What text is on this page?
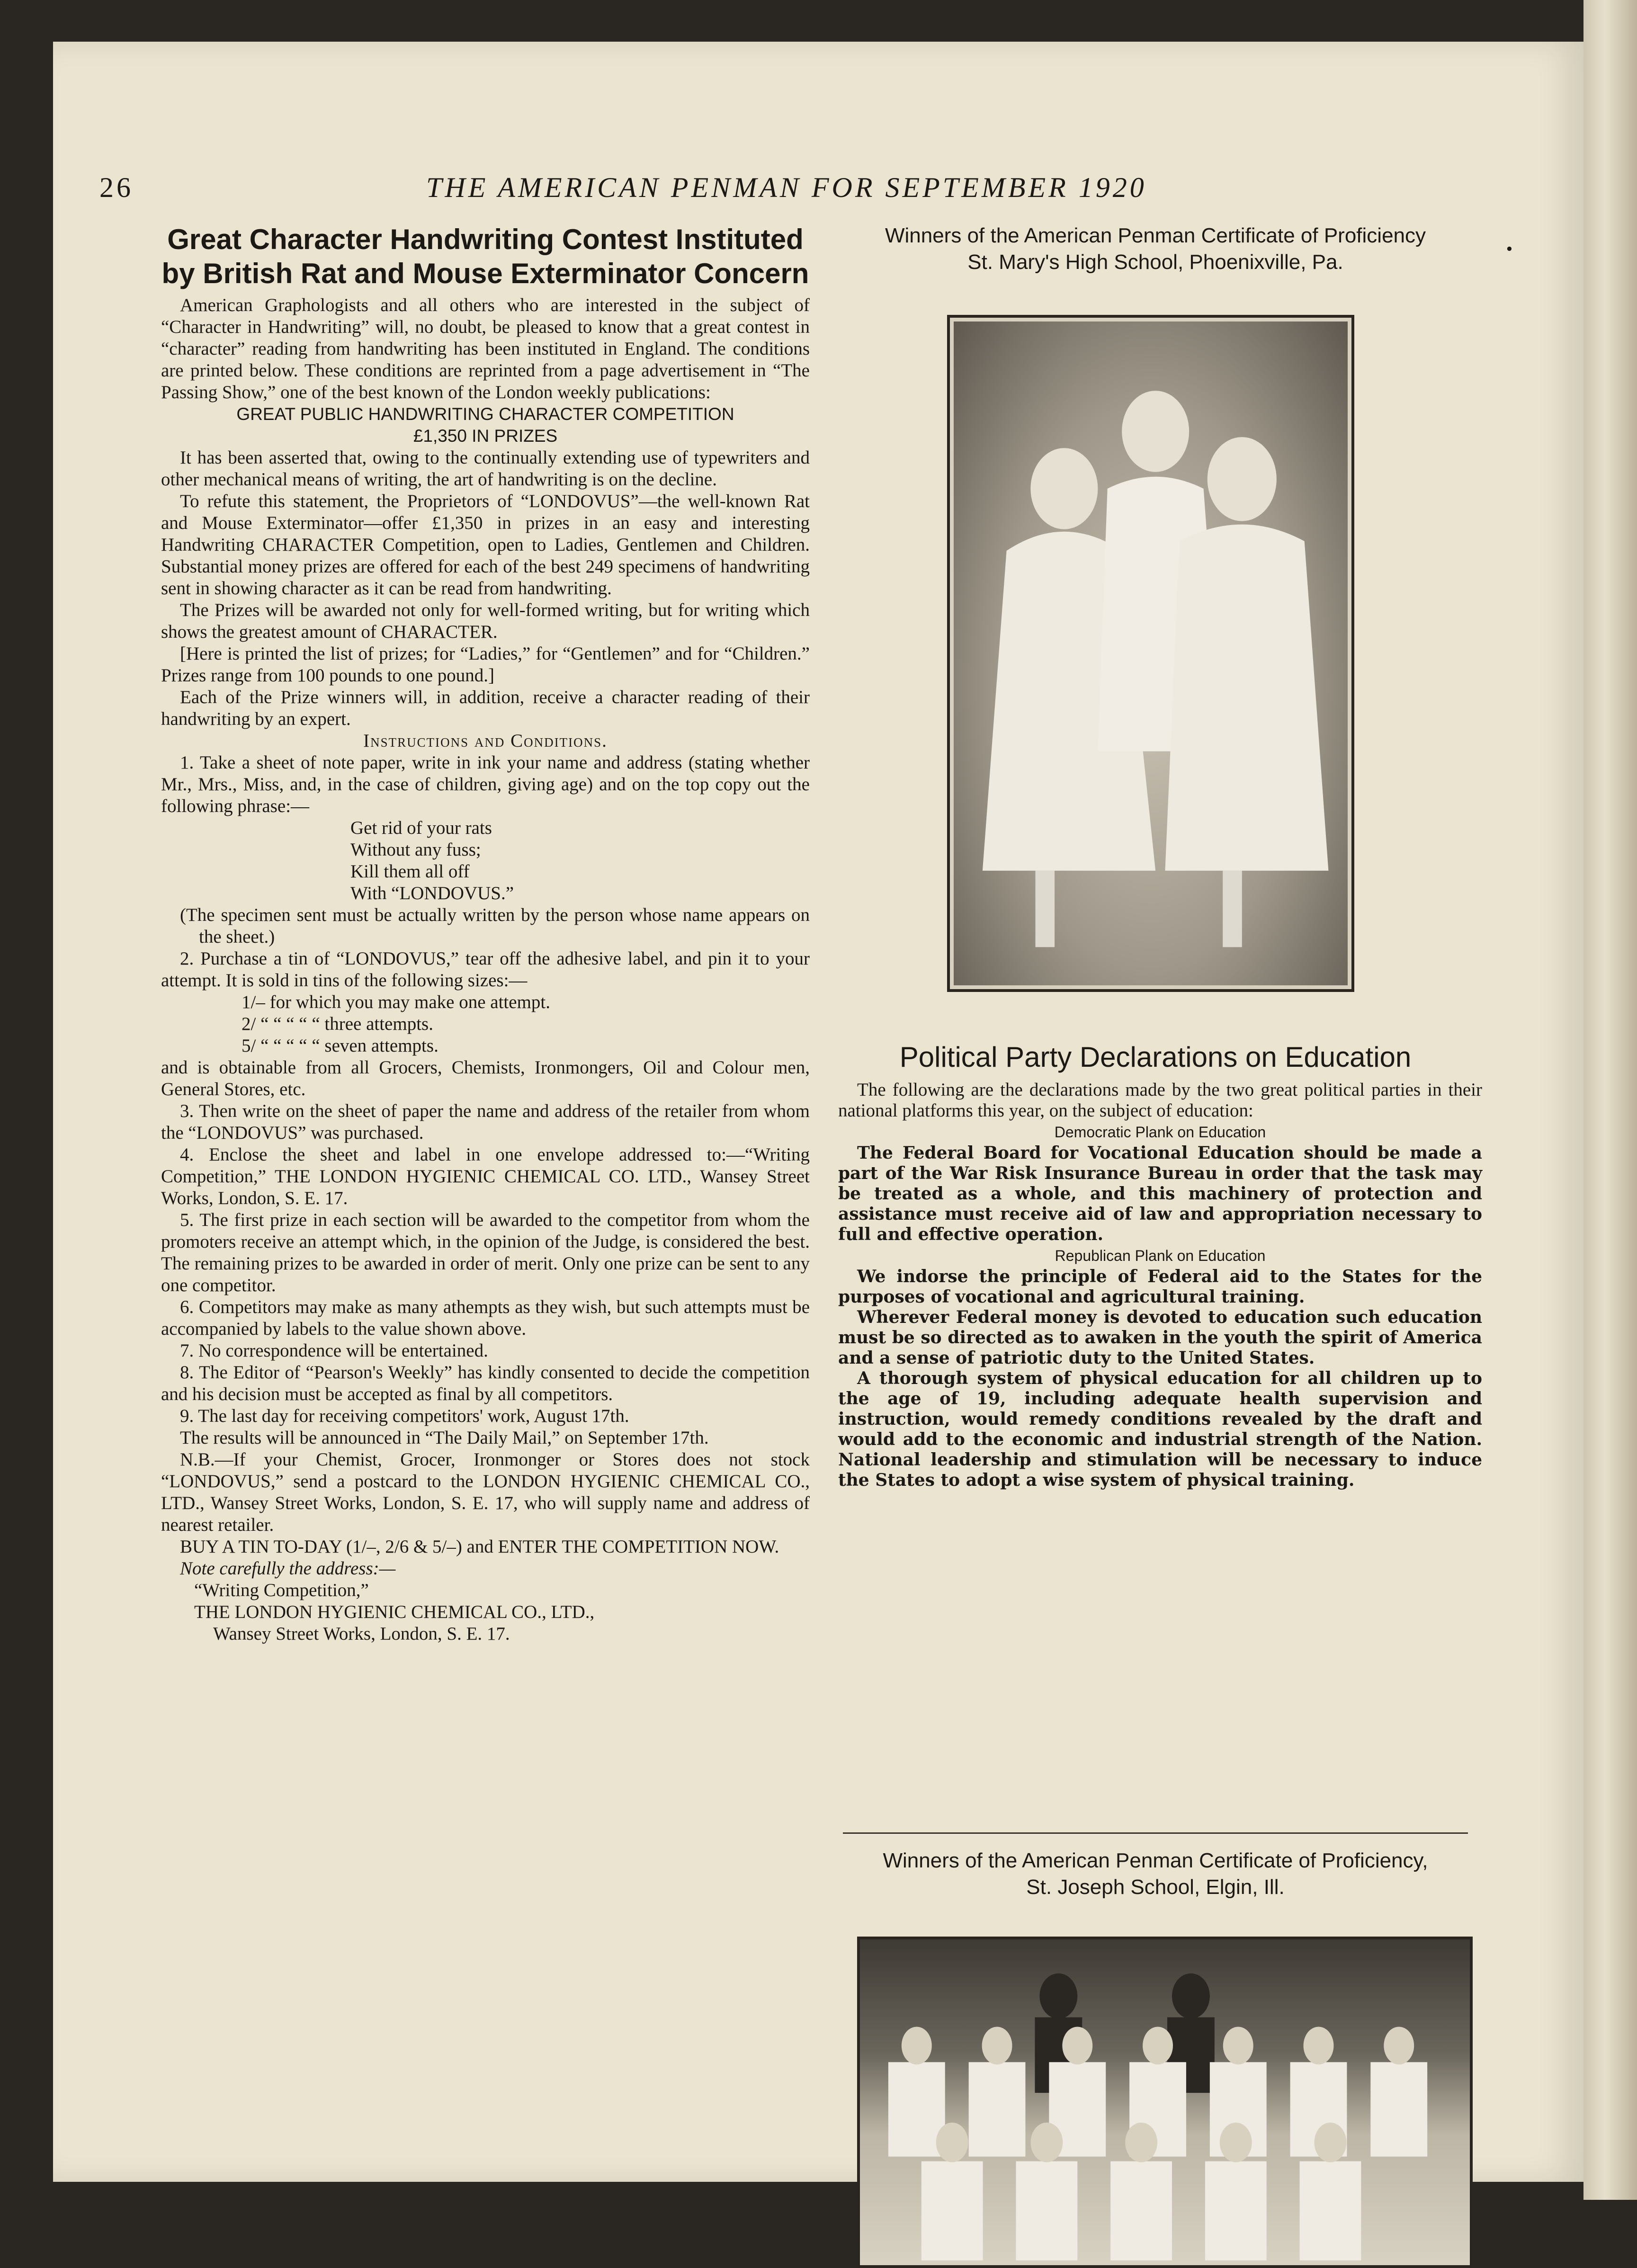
26	THE AMERICAN PENMAN FOR SEPTEMBER 1920
Great Character Handwriting Contest Instituted by British Rat and Mouse Exterminator Concern

American Graphologists and all others who are interested in the subject of “Character in Handwriting” will, no doubt, be pleased to know that a great contest in “character” reading from handwriting has been instituted in England. The conditions are printed below. These conditions are reprinted from a page advertisement in “The Passing Show,” one of the best known of the London weekly publications:

GREAT PUBLIC HANDWRITING CHARACTER COMPETITION
£1,350 IN PRIZES

It has been asserted that, owing to the continually extending use of typewriters and other mechanical means of writing, the art of handwriting is on the decline.

To refute this statement, the Proprietors of “LONDOVUS”—the well-known Rat and Mouse Exterminator—offer £1,350 in prizes in an easy and interesting Handwriting CHARACTER Competition, open to Ladies, Gentlemen and Children. Substantial money prizes are offered for each of the best 249 specimens of handwriting sent in showing character as it can be read from handwriting.

The Prizes will be awarded not only for well-formed writing, but for writing which shows the greatest amount of CHARACTER.

[Here is printed the list of prizes; for “Ladies,” for “Gentlemen” and for “Children.” Prizes range from 100 pounds to one pound.]

Each of the Prize winners will, in addition, receive a character reading of their handwriting by an expert.

Instructions and Conditions.

1. Take a sheet of note paper, write in ink your name and address (stating whether Mr., Mrs., Miss, and, in the case of children, giving age) and on the top copy out the following phrase:—

Get rid of your rats
Without any fuss;
Kill them all off
With “LONDOVUS.”

(The specimen sent must be actually written by the person whose name appears on the sheet.)

2. Purchase a tin of “LONDOVUS,” tear off the adhesive label, and pin it to your attempt. It is sold in tins of the following sizes:—

1/– for which you may make one attempt.
2/ “ “ “ “ “ three attempts.
5/ “ “ “ “ “ seven attempts.

and is obtainable from all Grocers, Chemists, Ironmongers, Oil and Colour men, General Stores, etc.

3. Then write on the sheet of paper the name and address of the retailer from whom the “LONDOVUS” was purchased.

4. Enclose the sheet and label in one envelope addressed to:—“Writing Competition,” THE LONDON HYGIENIC CHEMICAL CO. LTD., Wansey Street Works, London, S. E. 17.

5. The first prize in each section will be awarded to the competitor from whom the promoters receive an attempt which, in the opinion of the Judge, is considered the best. The remaining prizes to be awarded in order of merit. Only one prize can be sent to any one competitor.

6. Competitors may make as many athempts as they wish, but such attempts must be accompanied by labels to the value shown above.

7. No correspondence will be entertained.

8. The Editor of “Pearson's Weekly” has kindly consented to decide the competition and his decision must be accepted as final by all competitors.

9. The last day for receiving competitors' work, August 17th.

The results will be announced in “The Daily Mail,” on September 17th.

N.B.—If your Chemist, Grocer, Ironmonger or Stores does not stock “LONDOVUS,” send a postcard to the LONDON HYGIENIC CHEMICAL CO., LTD., Wansey Street Works, London, S. E. 17, who will supply name and address of nearest retailer.

BUY A TIN TO-DAY (1/–, 2/6 & 5/–) and ENTER THE COMPETITION NOW.

Note carefully the address:—

“Writing Competition,”
THE LONDON HYGIENIC CHEMICAL CO., LTD.,
Wansey Street Works, London, S. E. 17.
Winners of the American Penman Certificate of Proficiency
St. Mary's High School, Phoenixville, Pa.
Political Party Declarations on Education

The following are the declarations made by the two great political parties in their national platforms this year, on the subject of education:

Democratic Plank on Education

The Federal Board for Vocational Education should be made a part of the War Risk Insurance Bureau in order that the task may be treated as a whole, and this machinery of protection and assistance must receive aid of law and appropriation necessary to full and effective operation.

Republican Plank on Education

We indorse the principle of Federal aid to the States for the purposes of vocational and agricultural training.

Wherever Federal money is devoted to education such education must be so directed as to awaken in the youth the spirit of America and a sense of patriotic duty to the United States.

A thorough system of physical education for all children up to the age of 19, including adequate health supervision and instruction, would remedy conditions revealed by the draft and would add to the economic and industrial strength of the Nation. National leadership and stimulation will be necessary to induce the States to adopt a wise system of physical training.

Winners of the American Penman Certificate of Proficiency,
St. Joseph School, Elgin, Ill.
•
